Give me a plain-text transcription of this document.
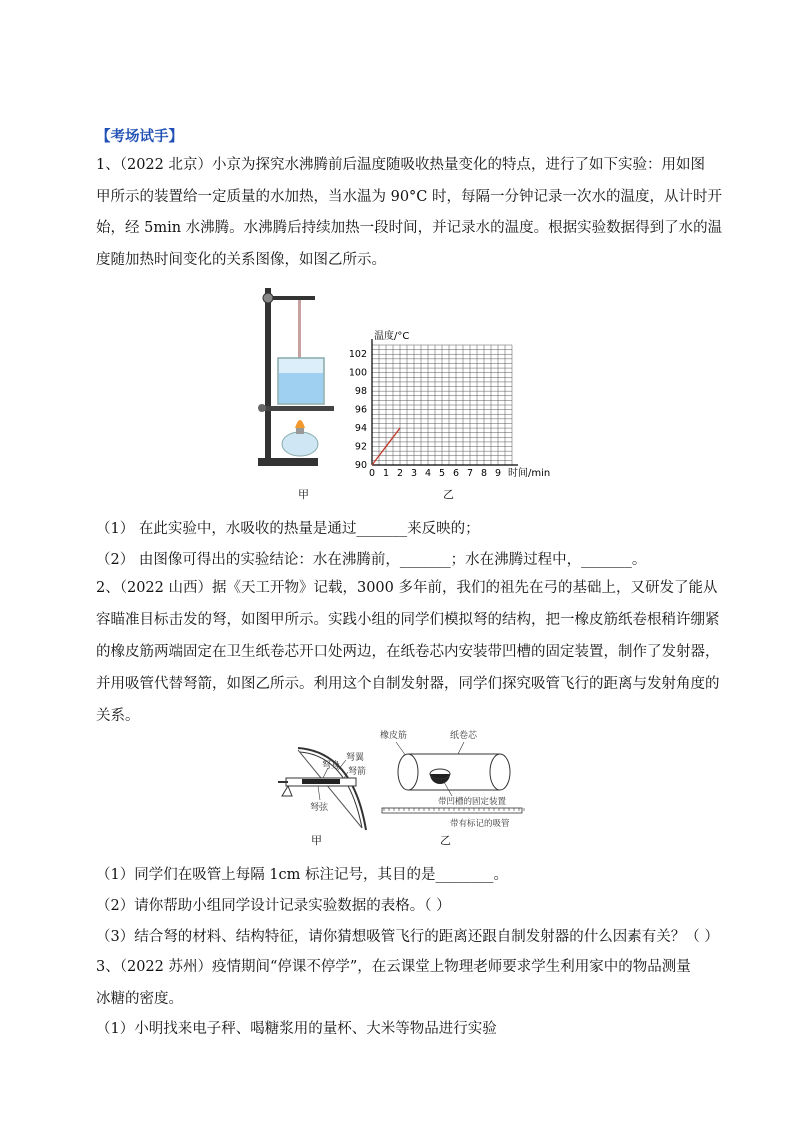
【考场试手】
1、（2022 北京）小京为探究水沸腾前后温度随吸收热量变化的特点，进行了如下实验：用如图
甲所示的装置给一定质量的水加热，当水温为 90°C 时，每隔一分钟记录一次水的温度，从计时开
始，经 5min 水沸腾。水沸腾后持续加热一段时间，并记录水的温度。根据实验数据得到了水的温
度随加热时间变化的关系图像，如图乙所示。
甲
0 1 2 3 4 5 6 7 8 9
90
92
94
96
98
100
102
温度/°C
时间/min
乙
（1） 在此实验中，水吸收的热量是通过_______来反映的；
（2） 由图像可得出的实验结论：水在沸腾前，_______；水在沸腾过程中，_______。
2、（2022 山西）据《天工开物》记载，3000 多年前，我们的祖先在弓的基础上，又研发了能从
容瞄准目标击发的弩，如图甲所示。实践小组的同学们模拟弩的结构，把一橡皮筋纸卷根稍许绷紧
的橡皮筋两端固定在卫生纸卷芯开口处两边，在纸卷芯内安装带凹槽的固定装置，制作了发射器，
并用吸管代替弩箭，如图乙所示。利用这个自制发射器，同学们探究吸管飞行的距离与发射角度的
关系。
弩翼
弩身
弩箭
弩弦
甲
橡皮筋	纸卷芯
带凹槽的固定装置
带有标记的吸管
乙
（1）同学们在吸管上每隔 1cm 标注记号，其目的是________。
（2）请你帮助小组同学设计记录实验数据的表格。（ ）
（3）结合弩的材料、结构特征，请你猜想吸管飞行的距离还跟自制发射器的什么因素有关？（ ）
3、（2022 苏州）疫情期间“停课不停学”，在云课堂上物理老师要求学生利用家中的物品测量
冰糖的密度。
（1）小明找来电子秤、喝糖浆用的量杯、大米等物品进行实验
